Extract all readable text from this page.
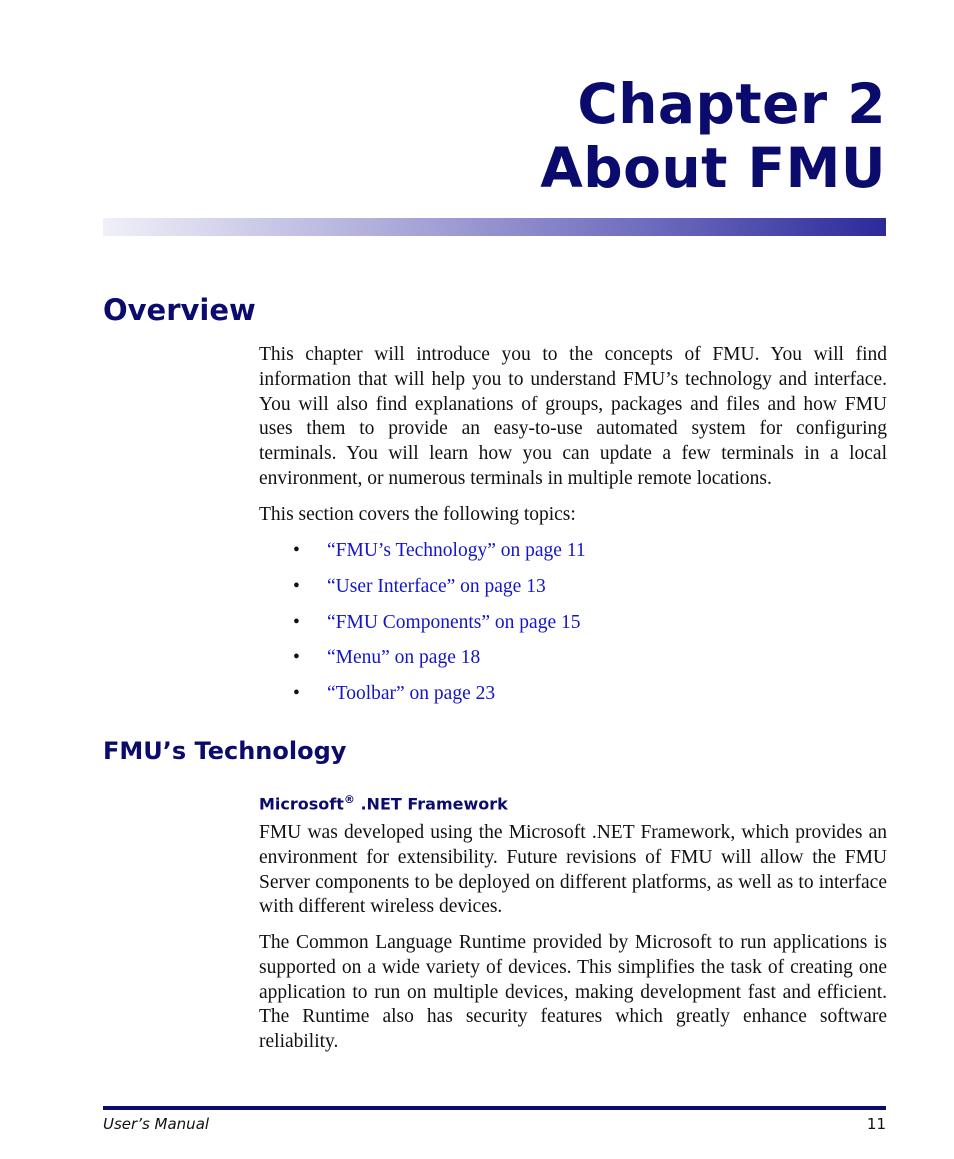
Chapter 2
About FMU
Overview

This chapter will introduce you to the concepts of FMU. You will find information that will help you to understand FMU’s technology and interface. You will also find explanations of groups, packages and files and how FMU uses them to provide an easy-to-use automated system for configuring terminals. You will learn how you can update a few terminals in a local environment, or numerous terminals in multiple remote locations.

This section covers the following topics:

• “FMU’s Technology” on page 11
• “User Interface” on page 13
• “FMU Components” on page 15
• “Menu” on page 18
• “Toolbar” on page 23
FMU’s Technology
Microsoft® .NET Framework

FMU was developed using the Microsoft .NET Framework, which provides an environment for extensibility. Future revisions of FMU will allow the FMU Server components to be deployed on different platforms, as well as to interface with different wireless devices.

The Common Language Runtime provided by Microsoft to run applications is supported on a wide variety of devices. This simplifies the task of creating one application to run on multiple devices, making development fast and efficient. The Runtime also has security features which greatly enhance software reliability.

User’s Manual	11
